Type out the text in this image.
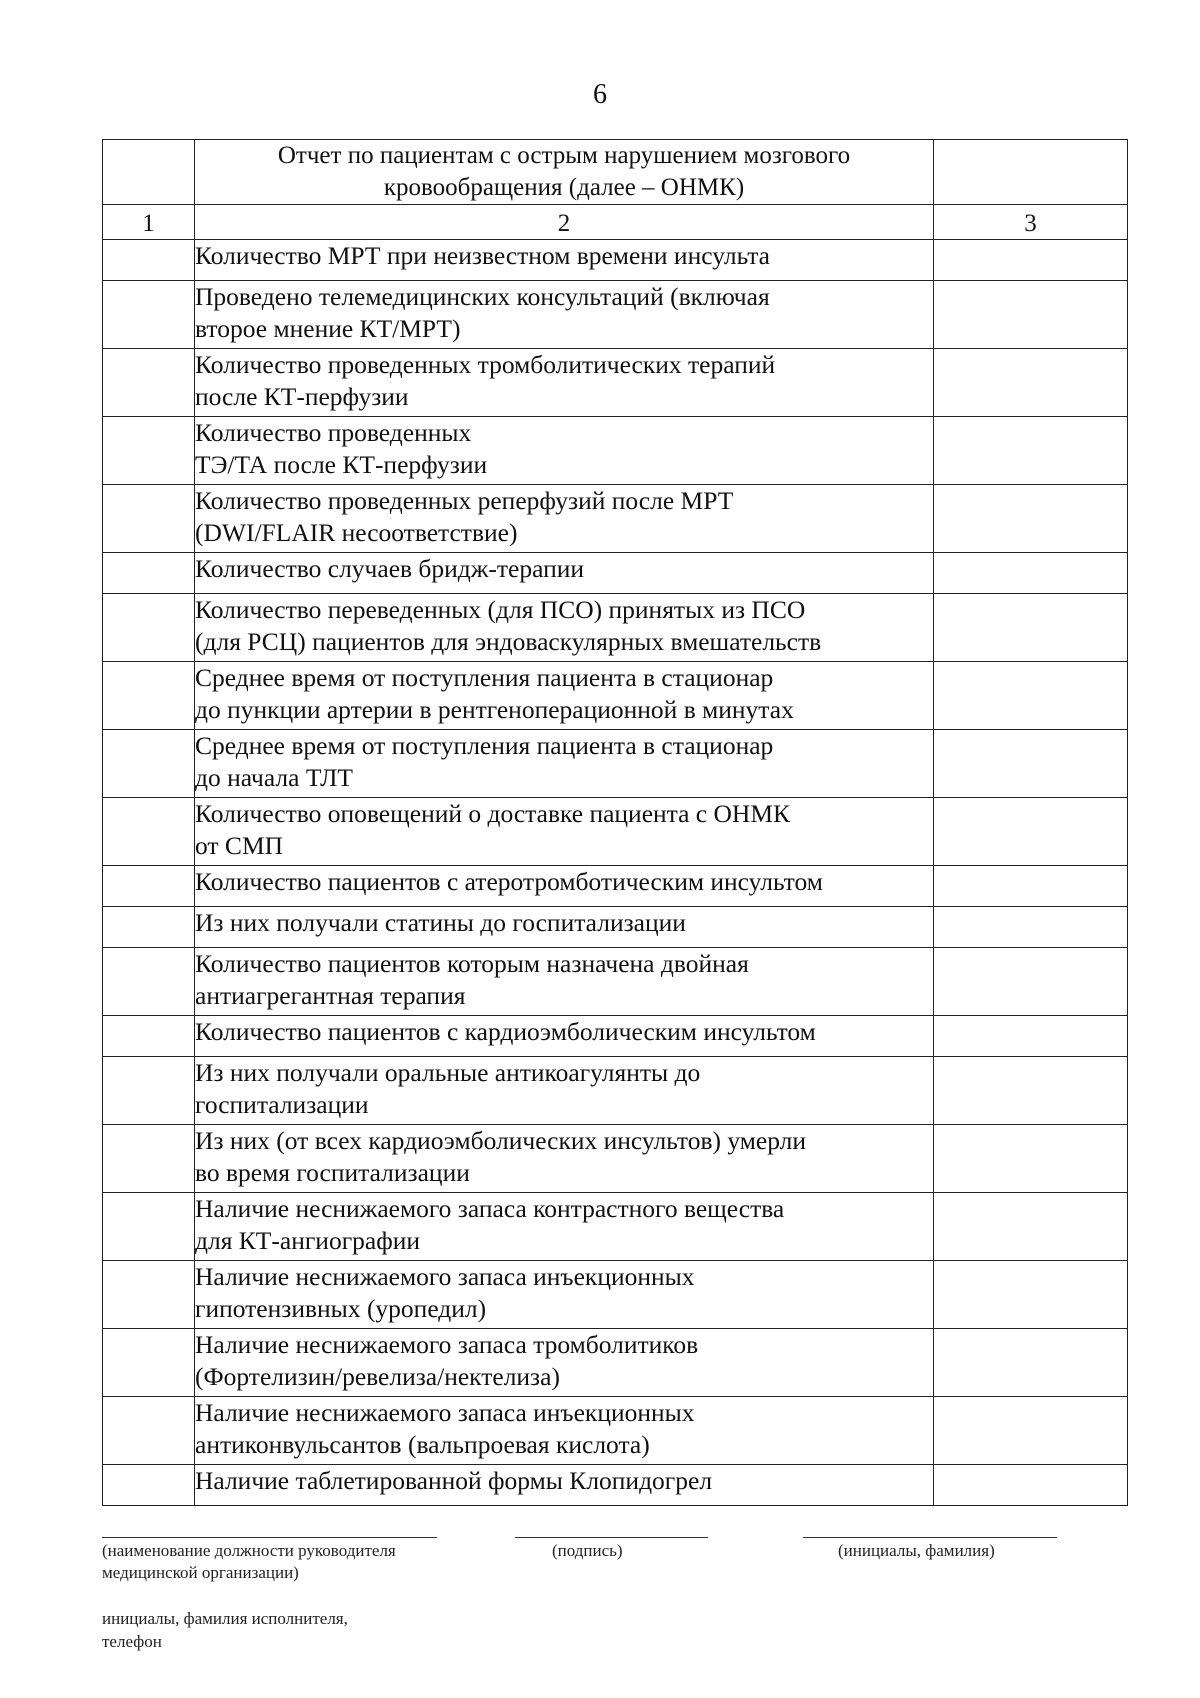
6
	Отчет по пациентам с острым нарушением мозгового кровообращения (далее – ОНМК)	
1	2	3

	Количество МРТ при неизвестном времени инсульта	

	Проведено телемедицинских консультаций (включая
второе мнение КТ/МРТ)	

	Количество проведенных тромболитических терапий
после КТ-перфузии	

	Количество проведенных
ТЭ/ТА после КТ-перфузии	

	Количество проведенных реперфузий после МРТ
(DWI/FLAIR несоответствие)	

	Количество случаев бридж-терапии	

	Количество переведенных (для ПСО) принятых из ПСО
(для РСЦ) пациентов для эндоваскулярных вмешательств	

	Среднее время от поступления пациента в стационар
до пункции артерии в рентгеноперационной в минутах	

	Среднее время от поступления пациента в стационар
до начала ТЛТ	

	Количество оповещений о доставке пациента с ОНМК
от СМП	

	Количество пациентов с атеротромботическим инсультом	

	Из них получали статины до госпитализации	

	Количество пациентов которым назначена двойная
антиагрегантная терапия	

	Количество пациентов с кардиоэмболическим инсультом	

	Из них получали оральные антикоагулянты до
госпитализации	

	Из них (от всех кардиоэмболических инсультов) умерли
во время госпитализации	

	Наличие неснижаемого запаса контрастного вещества
для КТ-ангиографии	

	Наличие неснижаемого запаса инъекционных
гипотензивных (уропедил)	

	Наличие неснижаемого запаса тромболитиков
(Фортелизин/ревелиза/нектелиза)	

	Наличие неснижаемого запаса инъекционных
антиконвульсантов (вальпроевая кислота)	

	Наличие таблетированной формы Клопидогрел	

(наименование должности руководителя
медицинской организации)
(подпись)	(инициалы, фамилия)
инициалы, фамилия исполнителя,
телефон
